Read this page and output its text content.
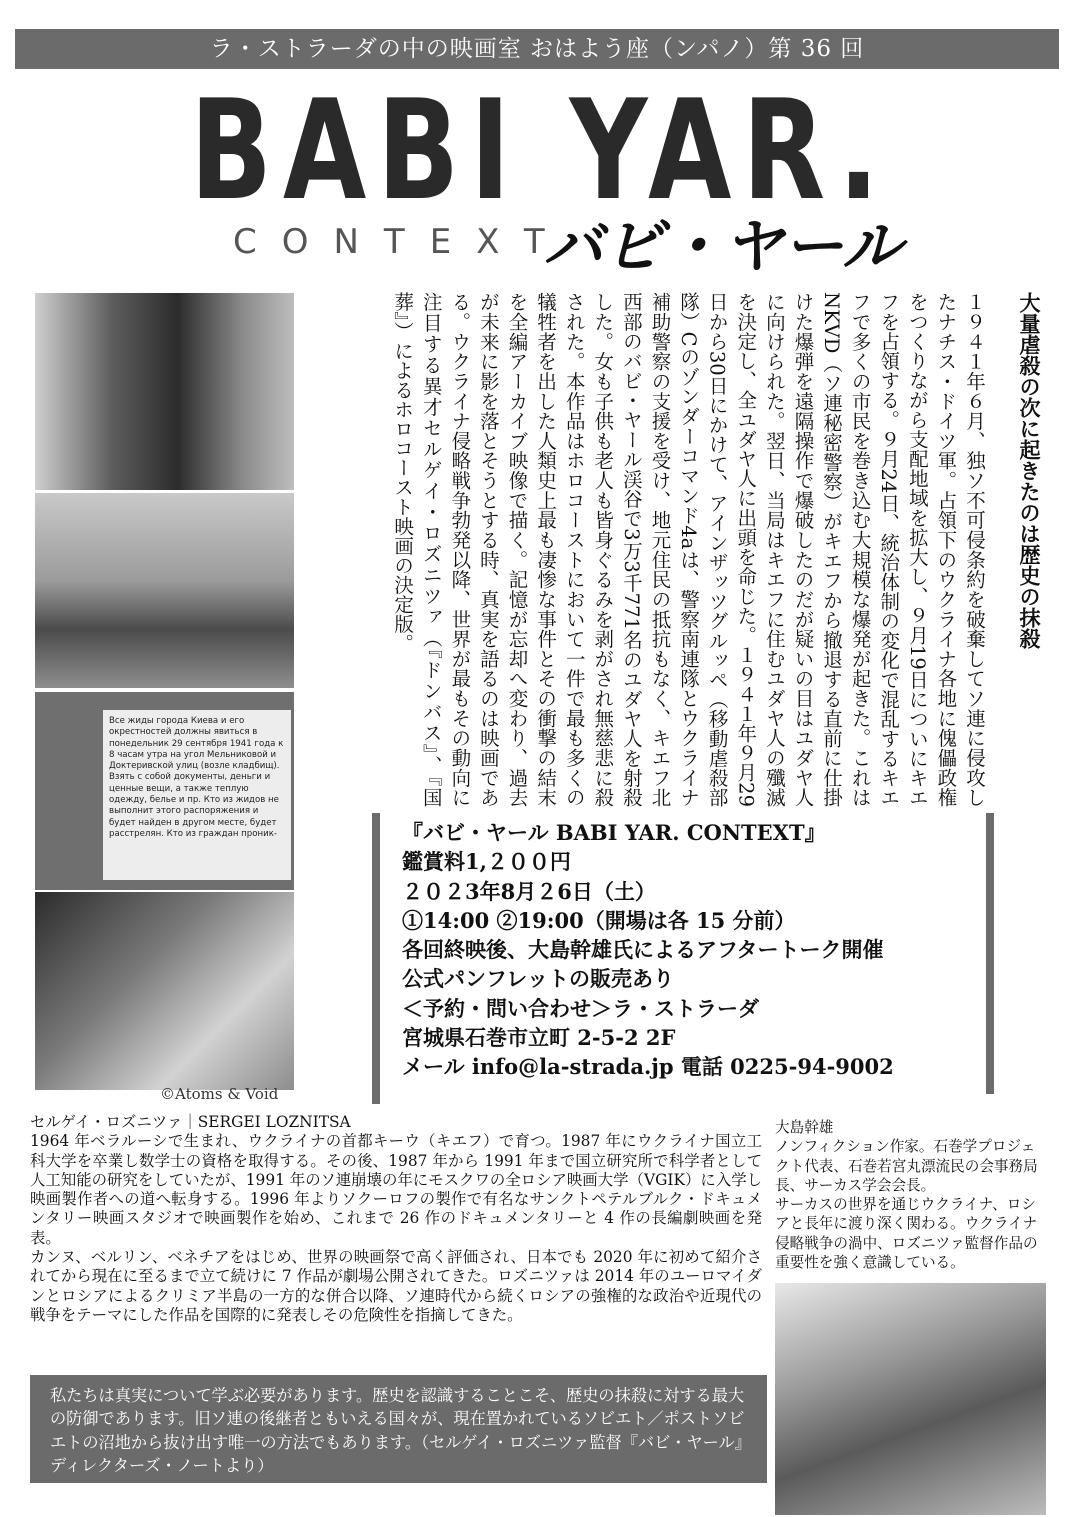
ラ・ストラーダの中の映画室 おはよう座（ンパノ）第 36 回
BABI YAR.
CONTEXT
バビ・ヤール
Все жиды города Киева и его окрестностей должны явиться в понедельник 29 сентября 1941 года к 8 часам утра на угол Мельниковой и Доктеривской улиц (возле кладбищ). Взять с собой документы, деньги и ценные вещи, а также теплую одежду, белье и пр. Кто из жидов не выполнит этого распоряжения и будет найден в другом месте, будет расстрелян. Кто из граждан проник-
©Atoms & Void
大量虐殺の次に起きたのは歴史の抹殺
１９４１年６月、独ソ不可侵条約を破棄してソ連に侵攻したナチス・ドイツ軍。占領下のウクライナ各地に傀儡政権をつくりながら支配地域を拡大し、９月19日についにキエフを占領する。９月24日、統治体制の変化で混乱するキエフで多くの市民を巻き込む大規模な爆発が起きた。これはNKVD（ソ連秘密警察）がキエフから撤退する直前に仕掛けた爆弾を遠隔操作で爆破したのだが疑いの目はユダヤ人に向けられた。翌日、当局はキエフに住むユダヤ人の殲滅を決定し、全ユダヤ人に出頭を命じた。１９４１年９月29日から30日にかけて、アインザッツグルッペ（移動虐殺部隊）Cのゾンダーコマンド4aは、警察南連隊とウクライナ補助警察の支援を受け、地元住民の抵抗もなく、キエフ北西部のバビ・ヤール渓谷で3万3千771名のユダヤ人を射殺した。女も子供も老人も皆身ぐるみを剥がされ無慈悲に殺された。本作品はホロコーストにおいて一件で最も多くの犠牲者を出した人類史上最も凄惨な事件とその衝撃の結末を全編アーカイブ映像で描く。記憶が忘却へ変わり、過去が未来に影を落とそうとする時、真実を語るのは映画である。ウクライナ侵略戦争勃発以降、世界が最もその動向に注目する異才セルゲイ・ロズニツァ（『ドンバス』、『国葬』）によるホロコースト映画の決定版。
『バビ・ヤール BABI YAR. CONTEXT』
鑑賞料1,２００円
２０２3年8月２6日（土）
①14:00 ②19:00（開場は各 15 分前）
各回終映後、大島幹雄氏によるアフタートーク開催
公式パンフレットの販売あり
＜予約・問い合わせ＞ラ・ストラーダ
宮城県石巻市立町 2-5-2 2F
メール info@la-strada.jp 電話 0225-94-9002

セルゲイ・ロズニツァ｜SERGEI LOZNITSA

1964 年ベラルーシで生まれ、ウクライナの首都キーウ（キエフ）で育つ。1987 年にウクライナ国立工科大学を卒業し数学士の資格を取得する。その後、1987 年から 1991 年まで国立研究所で科学者として人工知能の研究をしていたが、1991 年のソ連崩壊の年にモスクワの全ロシア映画大学（VGIK）に入学し映画製作者への道へ転身する。1996 年よりソクーロフの製作で有名なサンクトペテルブルク・ドキュメンタリー映画スタジオで映画製作を始め、これまで 26 作のドキュメンタリーと 4 作の長編劇映画を発表。

カンヌ、ベルリン、ベネチアをはじめ、世界の映画祭で高く評価され、日本でも 2020 年に初めて紹介されてから現在に至るまで立て続けに 7 作品が劇場公開されてきた。ロズニツァは 2014 年のユーロマイダンとロシアによるクリミア半島の一方的な併合以降、ソ連時代から続くロシアの強権的な政治や近現代の戦争をテーマにした作品を国際的に発表しその危険性を指摘してきた。

大島幹雄

ノンフィクション作家。石巻学プロジェクト代表、石巻若宮丸漂流民の会事務局長、サーカス学会会長。

サーカスの世界を通じウクライナ、ロシアと長年に渡り深く関わる。ウクライナ侵略戦争の渦中、ロズニツァ監督作品の重要性を強く意識している。

私たちは真実について学ぶ必要があります。歴史を認識することこそ、歴史の抹殺に対する最大の防御であります。旧ソ連の後継者ともいえる国々が、現在置かれているソビエト／ポストソビエトの沼地から抜け出す唯一の方法でもあります。（セルゲイ・ロズニツァ監督『バビ・ヤール』ディレクターズ・ノートより）
